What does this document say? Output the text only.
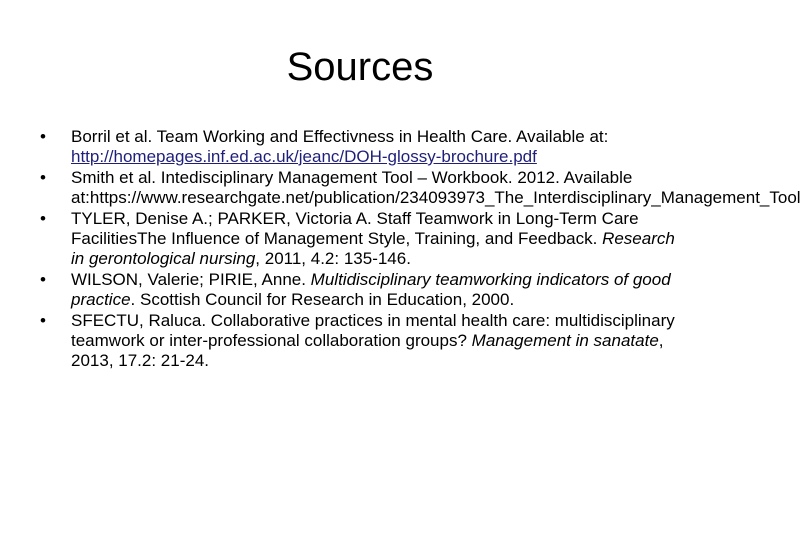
Sources
•	Borril et al. Team Working and Effectivness in Health Care. Available at: http://homepages.inf.ed.ac.uk/jeanc/DOH-glossy-brochure.pdf
•	Smith et al. Intedisciplinary Management Tool – Workbook. 2012. Available at:https://www.researchgate.net/publication/234093973_The_Interdisciplinary_Management_Tool
•	TYLER, Denise A.; PARKER, Victoria A. Staff Teamwork in Long-Term Care FacilitiesThe Influence of Management Style, Training, and Feedback. Research in gerontological nursing, 2011, 4.2: 135-146.
•	WILSON, Valerie; PIRIE, Anne. Multidisciplinary teamworking indicators of good practice. Scottish Council for Research in Education, 2000.
•	SFECTU, Raluca. Collaborative practices in mental health care: multidisciplinary teamwork or inter-professional collaboration groups? Management in sanatate, 2013, 17.2: 21-24.
